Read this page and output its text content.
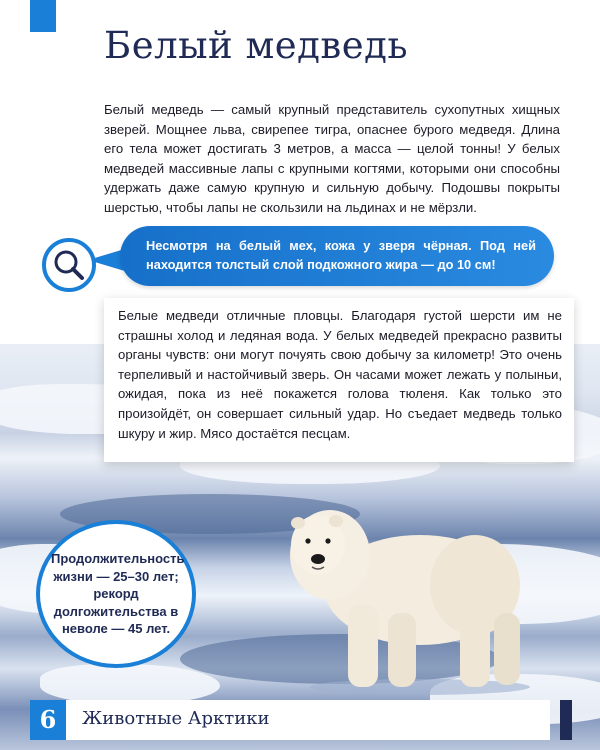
Белый медведь

Белый медведь — самый крупный представитель сухопутных хищных зверей. Мощнее льва, свирепее тигра, опаснее бурого медведя. Длина его тела может достигать 3 метров, а масса — целой тонны! У белых медведей массивные лапы с крупными когтями, которыми они способны удержать даже самую крупную и сильную добычу. Подошвы покрыты шерстью, чтобы лапы не скользили на льдинах и не мёрзли.

Несмотря на белый мех, кожа у зверя чёрная. Под ней находится толстый слой подкожного жира — до 10 см!

Белые медведи отличные пловцы. Благодаря густой шерсти им не страшны холод и ледяная вода. У белых медведей прекрасно развиты органы чувств: они могут почуять свою добычу за километр! Это очень терпеливый и настойчивый зверь. Он часами может лежать у полыньи, ожидая, пока из неё покажется голова тюленя. Как только это произойдёт, он совершает сильный удар. Но съедает медведь только шкуру и жир. Мясо достаётся песцам.

Продолжительность жизни — 25–30 лет; рекорд долгожительства в неволе — 45 лет.

6	Животные Арктики
